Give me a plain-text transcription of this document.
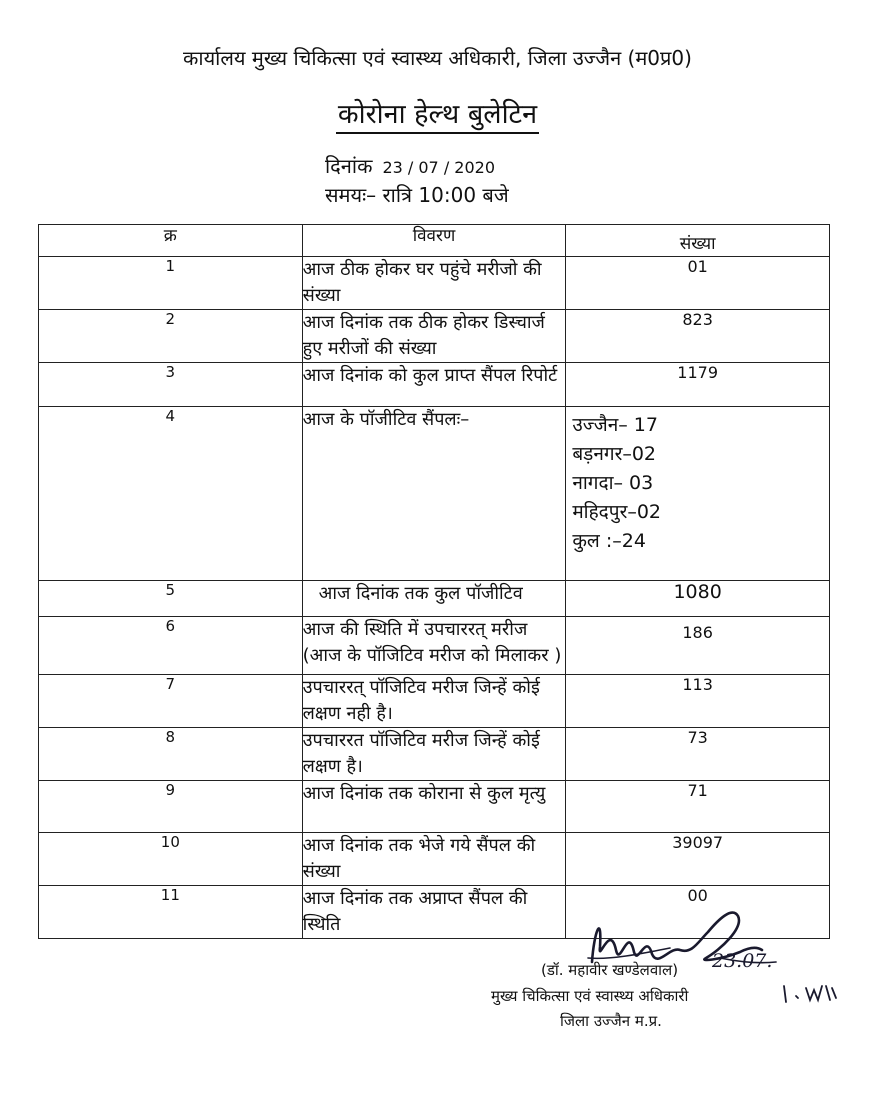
कार्यालय मुख्य चिकित्सा एवं स्वास्थ्य अधिकारी, जिला उज्जैन (म0प्र0)
कोरोना हेल्थ बुलेटिन
दिनांक 23 / 07 / 2020
समयः– रात्रि 10:00 बजे
क्र	विवरण	संख्या
1	आज ठीक होकर घर पहुंचे मरीजो की संख्या	01
2	आज दिनांक तक ठीक होकर डिस्चार्ज हुए मरीजों की संख्या	823
3	आज दिनांक को कुल प्राप्त सैंपल रिपोर्ट	1179
4	आज के पॉजीटिव सैंपलः–	उज्जैन– 17
बड़नगर–02
नागदा– 03
महिदपुर–02
कुल :–24

5	आज दिनांक तक कुल पॉजीटिव	1080
6	आज की स्थिति में उपचाररत् मरीज
(आज के पॉजिटिव मरीज को मिलाकर )	186
7	उपचाररत् पॉजिटिव मरीज जिन्हें कोई लक्षण नही है।	113
8	उपचाररत पॉजिटिव मरीज जिन्हें कोई लक्षण है।	73
9	आज दिनांक तक कोराना से कुल मृत्यु	71
10	आज दिनांक तक भेजे गये सैंपल की संख्या	39097
11	आज दिनांक तक अप्राप्त सैंपल की स्थिति	00
23.07.
(डॉ. महावीर खण्डेलवाल)
मुख्य चिकित्सा एवं स्वास्थ्य अधिकारी
जिला उज्जैन म.प्र.
